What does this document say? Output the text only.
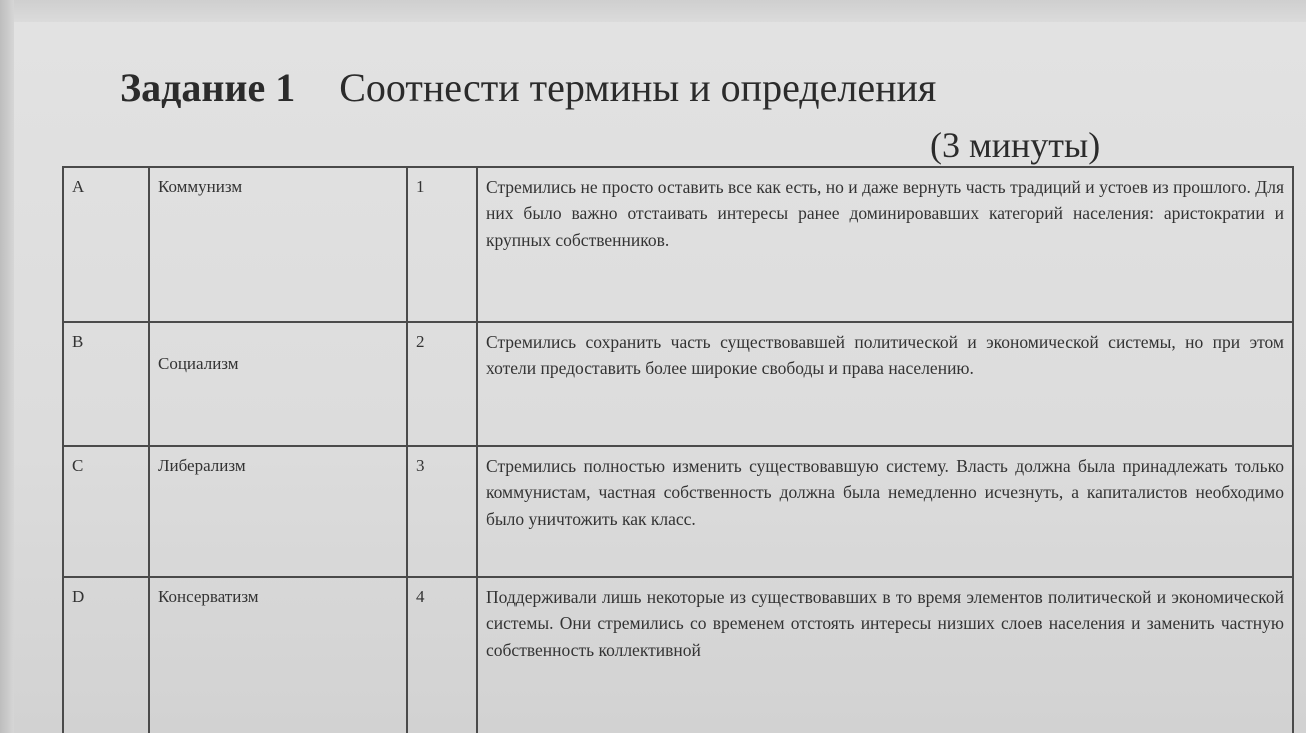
Задание 1 Соотнести термины и определения
(3 минуты)
A	Коммунизм	1	Стремились не просто оставить все как есть, но и даже вернуть часть традиций и устоев из прошлого. Для них было важно отстаивать интересы ранее доминировавших категорий населения: аристократии и крупных собственников.
B	Социализм	2	Стремились сохранить часть существовавшей политической и экономической системы, но при этом хотели предоставить более широкие свободы и права населению.
C	Либерализм	3	Стремились полностью изменить существовавшую систему. Власть должна была принадлежать только коммунистам, частная собственность должна была немедленно исчезнуть, а капиталистов необходимо было уничтожить как класс.
D	Консерватизм	4	Поддерживали лишь некоторые из существовавших в то время элементов политической и экономической системы. Они стремились со временем отстоять интересы низших слоев населения и заменить частную собственность коллективной
